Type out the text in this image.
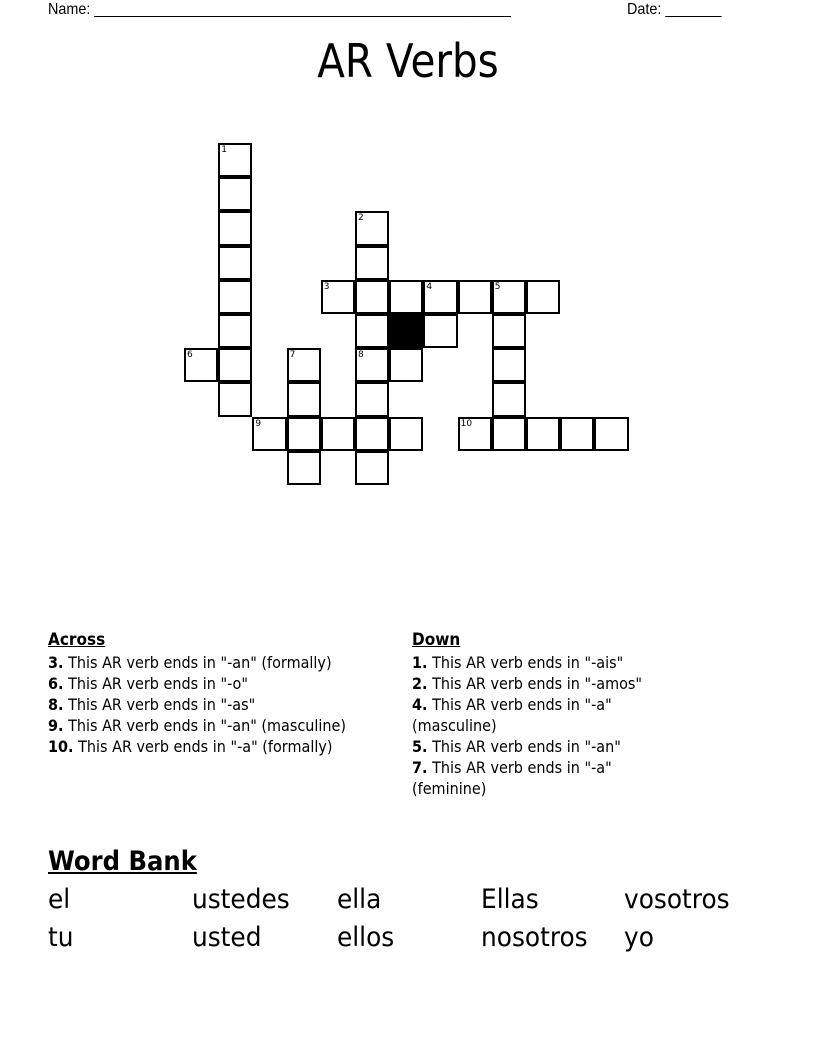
Name: ____________________________________________________	Date: _______
AR Verbs
1
2
8
3	4	5
6	7
9	10
Across
3. This AR verb ends in "-an" (formally)
6. This AR verb ends in "-o"
8. This AR verb ends in "-as"
9. This AR verb ends in "-an" (masculine)
10. This AR verb ends in "-a" (formally)
Down
1. This AR verb ends in "-ais"
2. This AR verb ends in "-amos"
4. This AR verb ends in "-a" (masculine)
5. This AR verb ends in "-an"
7. This AR verb ends in "-a" (feminine)
Word Bank
el	ustedes ella	Ellas	vosotros
tu	usted	ellos	nosotros yo
